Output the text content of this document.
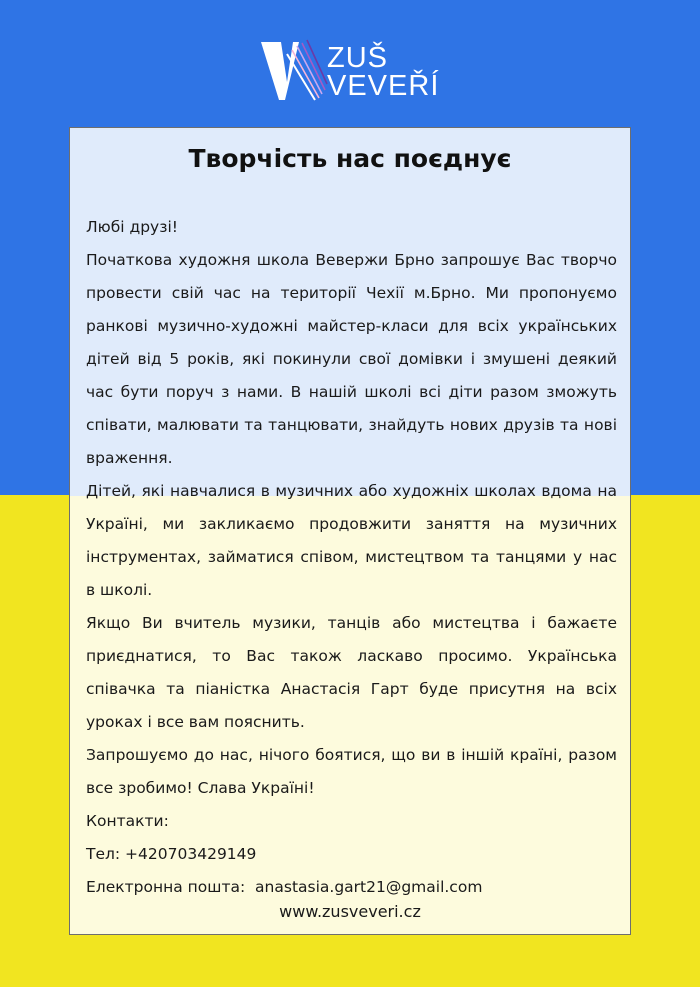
ZUŠ
VEVEŘÍ
Творчість нас поєднує

Любі друзі!

Початкова художня школа Вевержи Брно запрошує Вас творчо провести свій час на території Чехії м.Брно. Ми пропонуємо ранкові музично-художні майстер-класи для всіх українських дітей від 5 років, які покинули свої домівки і змушені деякий час бути поруч з нами. В нашій школі всі діти разом зможуть співати, малювати та танцювати, знайдуть нових друзів та нові враження.

Дітей, які навчалися в музичних або художніх школах вдома на Україні, ми закликаємо продовжити заняття на музичних інструментах, займатися співом, мистецтвом та танцями у нас в школі.

Якщо Ви вчитель музики, танців або мистецтва і бажаєте приєднатися, то Вас також ласкаво просимо. Українська співачка та піаністка Анастасія Гарт буде присутня на всіх уроках і все вам пояснить.

Запрошуємо до нас, нічого боятися, що ви в іншій країні, разом все зробимо! Слава Україні!

Контакти:

Тел: +420703429149

Електронна пошта:  anastasia.gart21@gmail.com

www.zusveveri.cz
